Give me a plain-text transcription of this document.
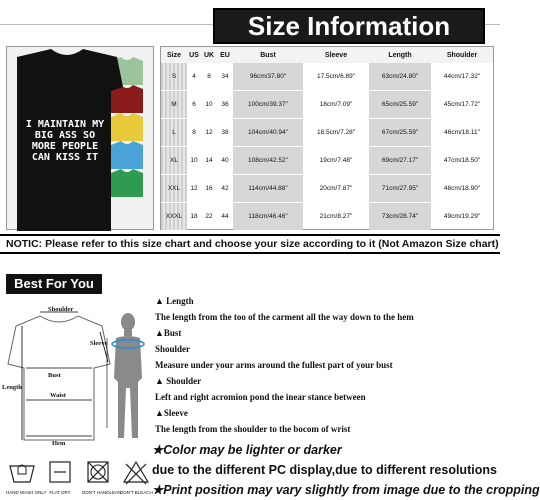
Size Information
I MAINTAIN MY
BIG ASS SO
MORE PEOPLE
CAN KISS IT
Size	US UK EU	Bust	Sleeve	Length	Shoulder
S	4	8	34	96cm/37.80"	17.5cm/6.89"	63cm/24.80"	44cm/17.32"
M	6	10	36	100cm/39.37"	18cm/7.09"	65cm/25.59"	45cm/17.72"
L	8	12	38	104cm/40.94"	18.5cm/7.28"	67cm/25.59"	46cm/18.11"
XL	10	14	40	108cm/42.52"	19cm/7.48"	69cm/27.17"	47cm/18.50"
XXL	12	16	42	114cm/44.88"	20cm/7.87"	71cm/27.95"	48cm/18.90"
XXXL	18	22	44	118cm/46.46"	21cm/8.27"	73cm/28.74"	49cm/19.29"
NOTIC: Please refer to this size chart and choose your size according to it (Not Amazon Size chart)
Best For You
Shoulder
Sleeve
Bust
Length
Waist
Hem
▲ Length
The length from the too of the carment all the way down to the hem
▲Bust
Shoulder
Measure under your arms around the fullest part of your bust
▲ Shoulder
Left and right acromion pond the inear stance between
▲Sleeve
The length from the shoulder to the bocom of wrist
★Color may be lighter or darker
due to the different PC display,due to different resolutions
★Print position may vary slightly from image due to the cropping
HAND WASH ONLY FLAT DRY	DON'T HANDLEAN
DON'T BLEACH
